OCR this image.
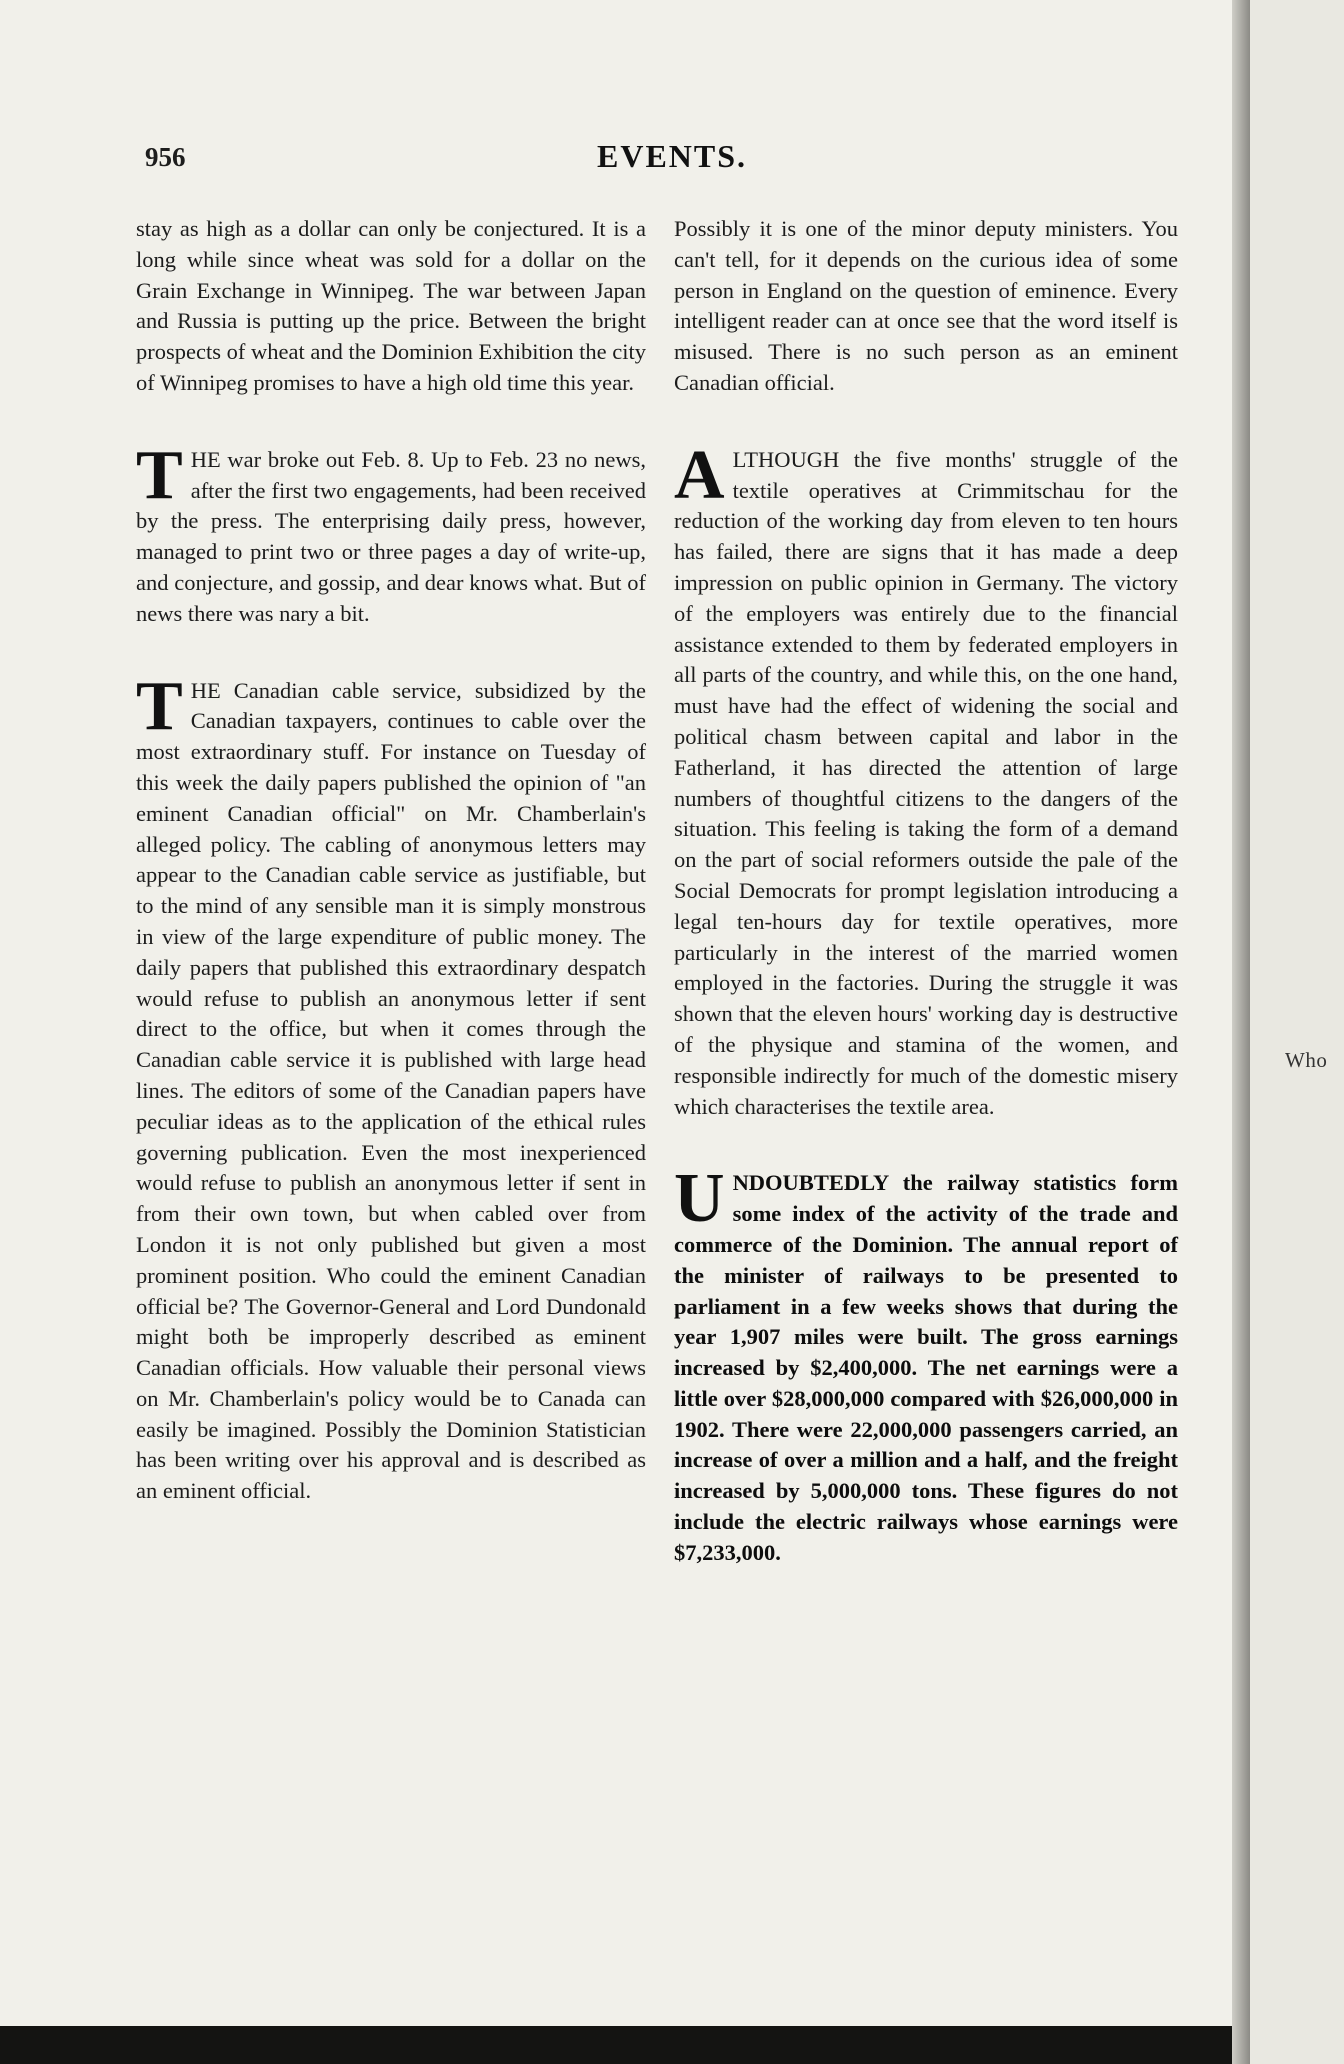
956	EVENTS.

stay as high as a dollar can only be conjectured. It is a long while since wheat was sold for a dollar on the Grain Exchange in Winnipeg. The war between Japan and Russia is putting up the price. Between the bright prospects of wheat and the Dominion Exhibition the city of Winnipeg promises to have a high old time this year.

T HE war broke out Feb. 8. Up to Feb. 23 no news, after the first two engagements, had been received by the press. The enterprising daily press, however, managed to print two or three pages a day of write-up, and conjecture, and gossip, and dear knows what. But of news there was nary a bit.

T HE Canadian cable service, subsidized by the Canadian taxpayers, continues to cable over the most extraordinary stuff. For instance on Tuesday of this week the daily papers published the opinion of "an eminent Canadian official" on Mr. Chamberlain's alleged policy. The cabling of anonymous letters may appear to the Canadian cable service as justifiable, but to the mind of any sensible man it is simply monstrous in view of the large expenditure of public money. The daily papers that published this extraordinary despatch would refuse to publish an anonymous letter if sent direct to the office, but when it comes through the Canadian cable service it is published with large head lines. The editors of some of the Canadian papers have peculiar ideas as to the application of the ethical rules governing publication. Even the most inexperienced would refuse to publish an anonymous letter if sent in from their own town, but when cabled over from London it is not only published but given a most prominent position. Who could the eminent Canadian official be? The Governor-General and Lord Dundonald might both be improperly described as eminent Canadian officials. How valuable their personal views on Mr. Chamberlain's policy would be to Canada can easily be imagined. Possibly the Dominion Statistician has been writing over his approval and is described as an eminent official.

Possibly it is one of the minor deputy ministers. You can't tell, for it depends on the curious idea of some person in England on the question of eminence. Every intelligent reader can at once see that the word itself is misused. There is no such person as an eminent Canadian official.

A LTHOUGH the five months' struggle of the textile operatives at Crimmitschau for the reduction of the working day from eleven to ten hours has failed, there are signs that it has made a deep impression on public opinion in Germany. The victory of the employers was entirely due to the financial assistance extended to them by federated employers in all parts of the country, and while this, on the one hand, must have had the effect of widening the social and political chasm between capital and labor in the Fatherland, it has directed the attention of large numbers of thoughtful citizens to the dangers of the situation. This feeling is taking the form of a demand on the part of social reformers outside the pale of the Social Democrats for prompt legislation introducing a legal ten-hours day for textile operatives, more particularly in the interest of the married women employed in the factories. During the struggle it was shown that the eleven hours' working day is destructive of the physique and stamina of the women, and responsible indirectly for much of the domestic misery which characterises the textile area.

U NDOUBTEDLY the railway statistics form some index of the activity of the trade and commerce of the Dominion. The annual report of the minister of railways to be presented to parliament in a few weeks shows that during the year 1,907 miles were built. The gross earnings increased by $2,400,000. The net earnings were a little over $28,000,000 compared with $26,000,000 in 1902. There were 22,000,000 passengers carried, an increase of over a million and a half, and the freight increased by 5,000,000 tons. These figures do not include the electric railways whose earnings were $7,233,000.

Who
